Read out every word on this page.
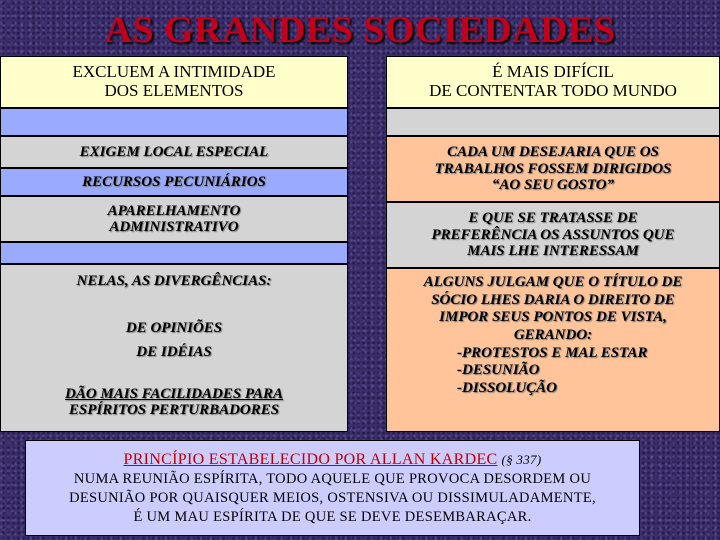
AS GRANDES SOCIEDADES
EXCLUEM A INTIMIDADE
DOS ELEMENTOS
EXIGEM LOCAL ESPECIAL
RECURSOS PECUNIÁRIOS
APARELHAMENTO
ADMINISTRATIVO
NELAS, AS DIVERGÊNCIAS:
DE OPINIÕES
DE IDÉIAS
DÃO MAIS FACILIDADES PARA
ESPÍRITOS PERTURBADORES
É MAIS DIFÍCIL
DE CONTENTAR TODO MUNDO
CADA UM DESEJARIA QUE OS
TRABALHOS FOSSEM DIRIGIDOS
“AO SEU GOSTO”
E QUE SE TRATASSE DE
PREFERÊNCIA OS ASSUNTOS QUE
MAIS LHE INTERESSAM
ALGUNS JULGAM QUE O TÍTULO DE
SÓCIO LHES DARIA O DIREITO DE
IMPOR SEUS PONTOS DE VISTA,
GERANDO:
-PROTESTOS E MAL ESTAR
-DESUNIÃO
-DISSOLUÇÃO
PRINCÍPIO ESTABELECIDO POR ALLAN KARDEC (§ 337)
NUMA REUNIÃO ESPÍRITA, TODO AQUELE QUE PROVOCA DESORDEM OU
DESUNIÃO POR QUAISQUER MEIOS, OSTENSIVA OU DISSIMULADAMENTE,
É UM MAU ESPÍRITA DE QUE SE DEVE DESEMBARAÇAR.
